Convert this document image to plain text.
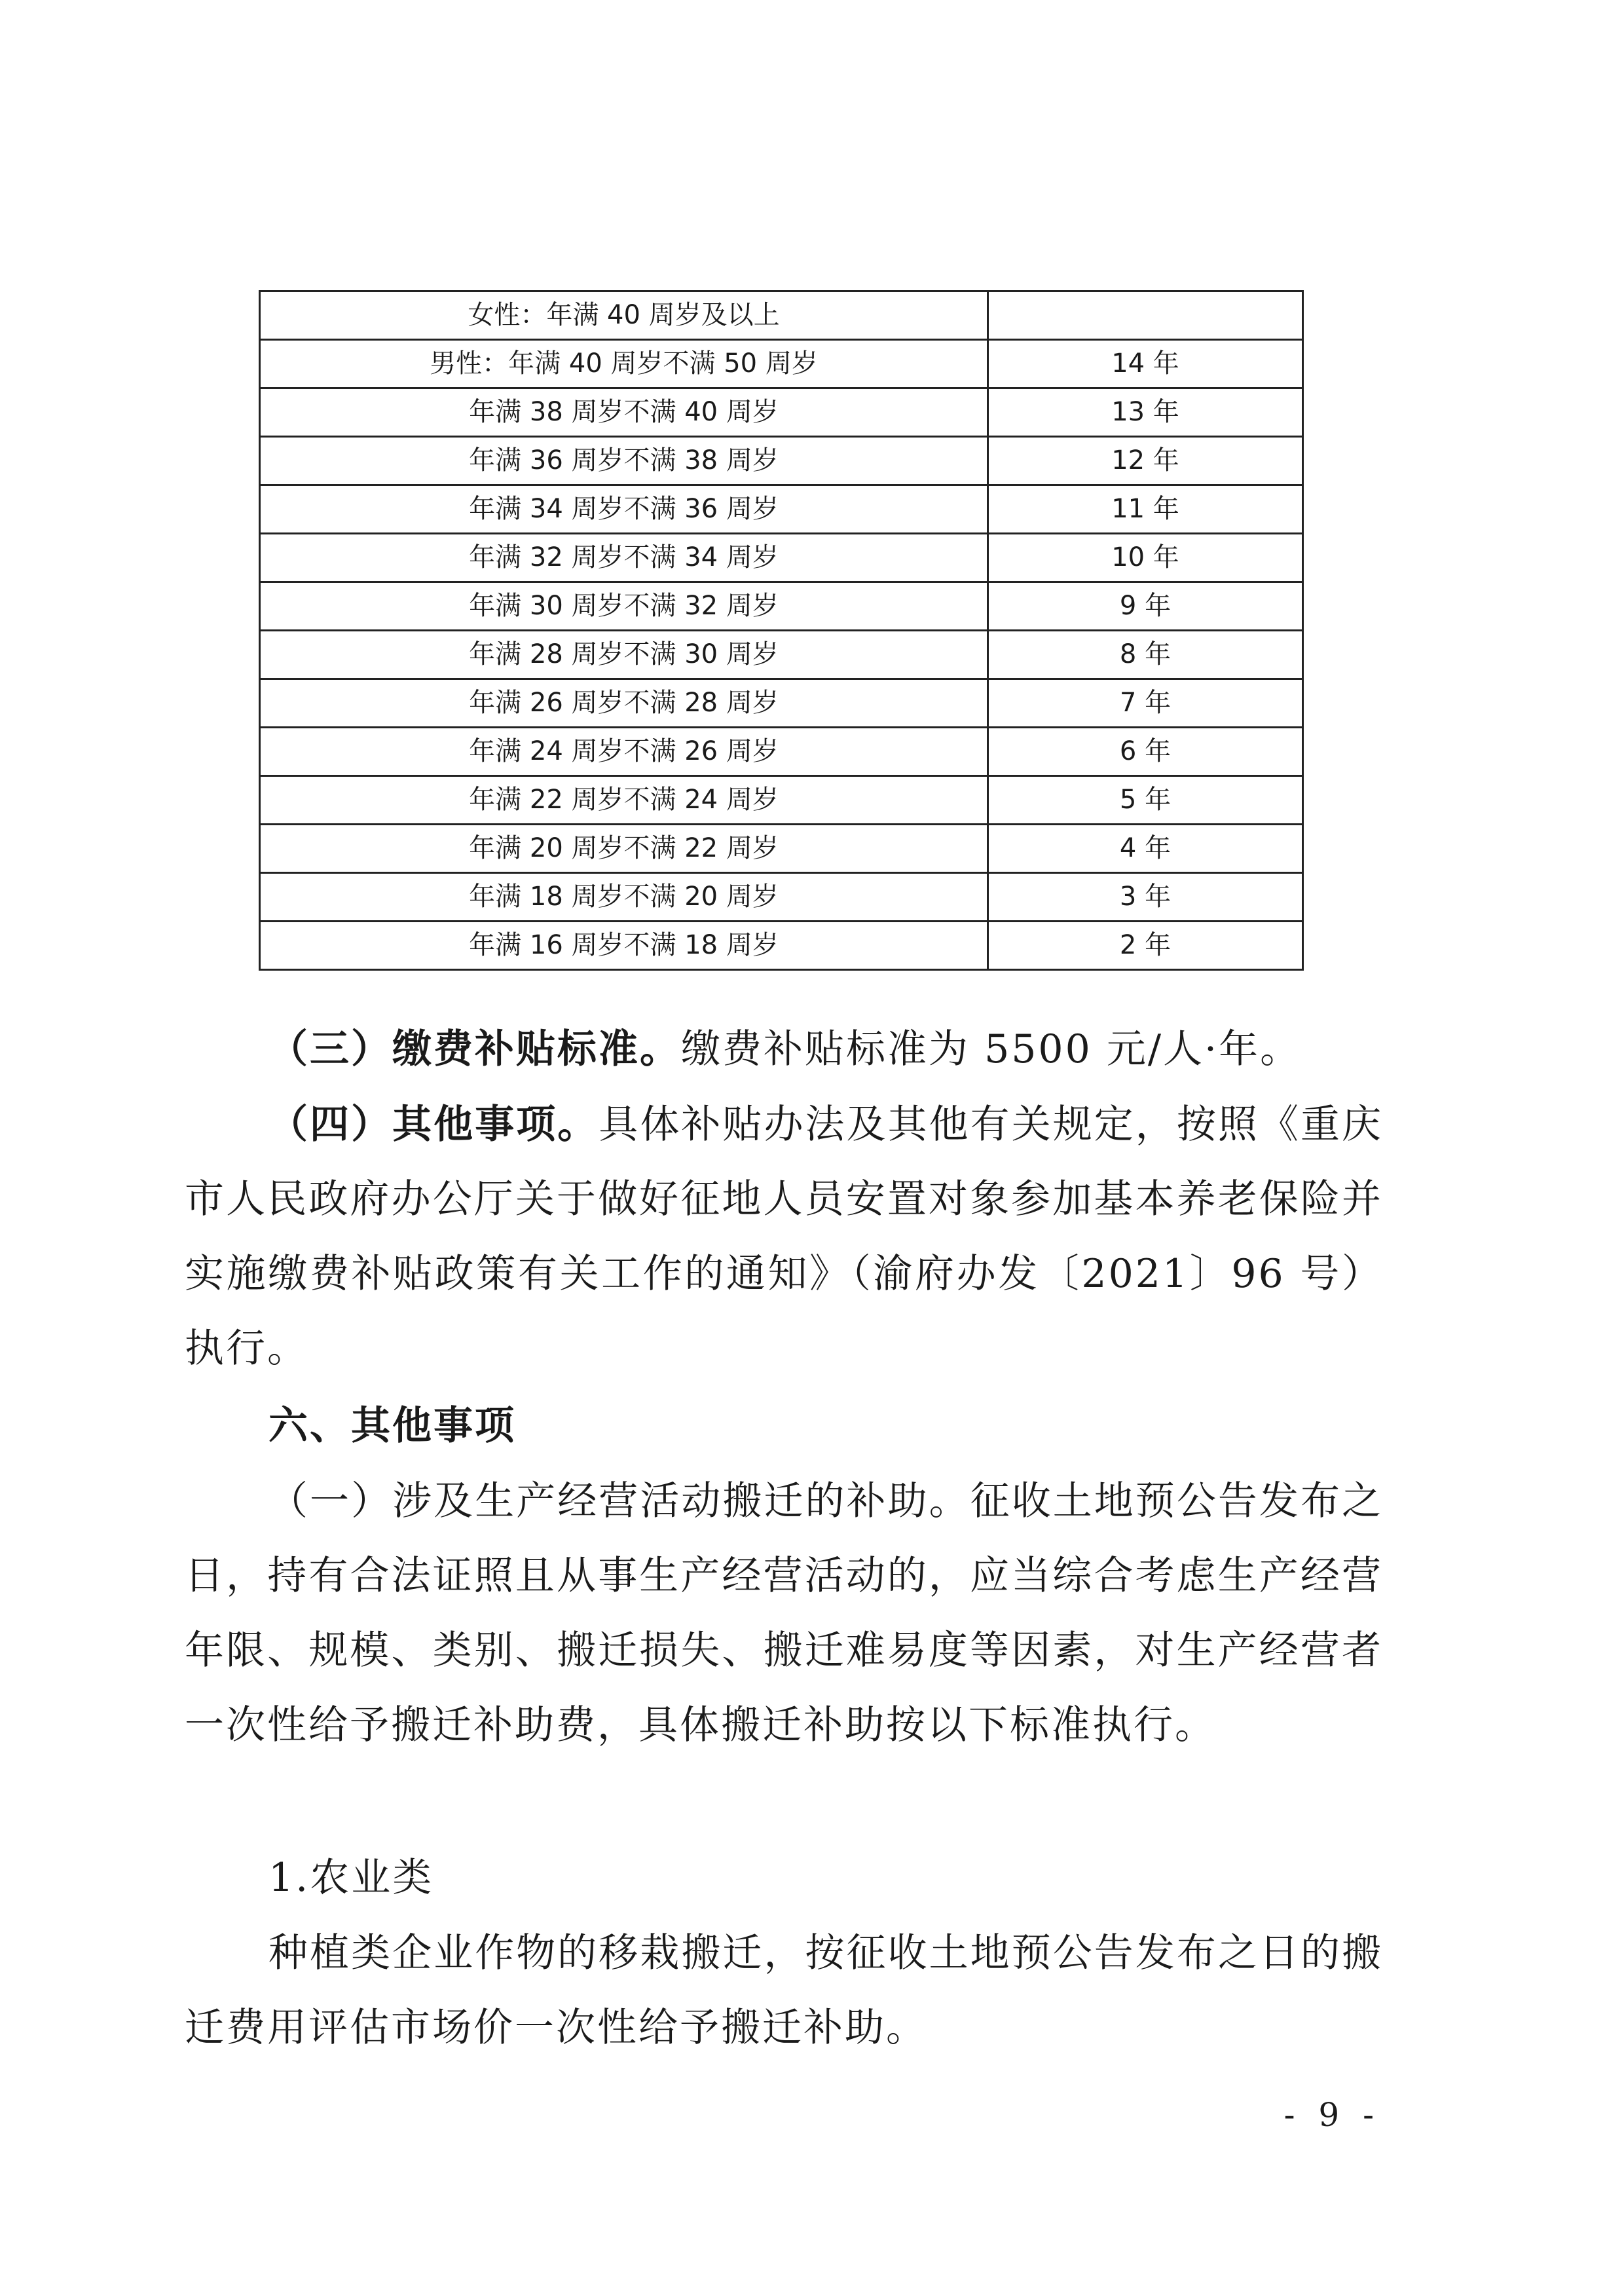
女性：年满 40 周岁及以上	
男性：年满 40 周岁不满 50 周岁	14 年
年满 38 周岁不满 40 周岁	13 年
年满 36 周岁不满 38 周岁	12 年
年满 34 周岁不满 36 周岁	11 年
年满 32 周岁不满 34 周岁	10 年
年满 30 周岁不满 32 周岁	9 年
年满 28 周岁不满 30 周岁	8 年
年满 26 周岁不满 28 周岁	7 年
年满 24 周岁不满 26 周岁	6 年
年满 22 周岁不满 24 周岁	5 年
年满 20 周岁不满 22 周岁	4 年
年满 18 周岁不满 20 周岁	3 年
年满 16 周岁不满 18 周岁	2 年

（三）缴费补贴标准。缴费补贴标准为 5500 元/人·年。

（四）其他事项。具体补贴办法及其他有关规定，按照《重庆市人民政府办公厅关于做好征地人员安置对象参加基本养老保险并实施缴费补贴政策有关工作的通知》（渝府办发〔2021〕96 号）执行。

六、其他事项

（一）涉及生产经营活动搬迁的补助。征收土地预公告发布之日，持有合法证照且从事生产经营活动的，应当综合考虑生产经营年限、规模、类别、搬迁损失、搬迁难易度等因素，对生产经营者一次性给予搬迁补助费，具体搬迁补助按以下标准执行。

1.农业类

种植类企业作物的移栽搬迁，按征收土地预公告发布之日的搬迁费用评估市场价一次性给予搬迁补助。

- 9 -
